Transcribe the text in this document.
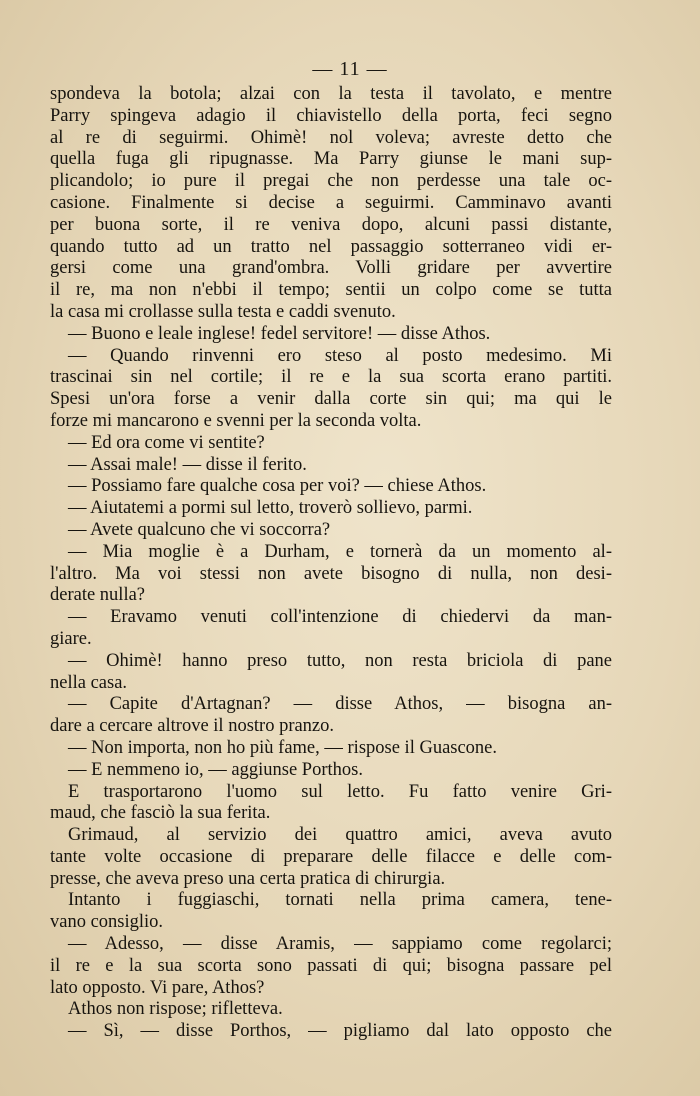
— 11 —
spondeva la botola; alzai con la testa il tavolato, e mentre
Parry spingeva adagio il chiavistello della porta, feci segno
al re di seguirmi. Ohimè! nol voleva; avreste detto che
quella fuga gli ripugnasse. Ma Parry giunse le mani sup-
plicandolo; io pure il pregai che non perdesse una tale oc-
casione. Finalmente si decise a seguirmi. Camminavo avanti
per buona sorte, il re veniva dopo, alcuni passi distante,
quando tutto ad un tratto nel passaggio sotterraneo vidi er-
gersi come una grand'ombra. Volli gridare per avvertire
il re, ma non n'ebbi il tempo; sentii un colpo come se tutta
la casa mi crollasse sulla testa e caddi svenuto.
— Buono e leale inglese! fedel servitore! — disse Athos.
— Quando rinvenni ero steso al posto medesimo. Mi
trascinai sin nel cortile; il re e la sua scorta erano partiti.
Spesi un'ora forse a venir dalla corte sin qui; ma qui le
forze mi mancarono e svenni per la seconda volta.
— Ed ora come vi sentite?
— Assai male! — disse il ferito.
— Possiamo fare qualche cosa per voi? — chiese Athos.
— Aiutatemi a pormi sul letto, troverò sollievo, parmi.
— Avete qualcuno che vi soccorra?
— Mia moglie è a Durham, e tornerà da un momento al-
l'altro. Ma voi stessi non avete bisogno di nulla, non desi-
derate nulla?
— Eravamo venuti coll'intenzione di chiedervi da man-
giare.
— Ohimè! hanno preso tutto, non resta briciola di pane
nella casa.
— Capite d'Artagnan? — disse Athos, — bisogna an-
dare a cercare altrove il nostro pranzo.
— Non importa, non ho più fame, — rispose il Guascone.
— E nemmeno io, — aggiunse Porthos.
E trasportarono l'uomo sul letto. Fu fatto venire Gri-
maud, che fasciò la sua ferita.
Grimaud, al servizio dei quattro amici, aveva avuto
tante volte occasione di preparare delle filacce e delle com-
presse, che aveva preso una certa pratica di chirurgia.
Intanto i fuggiaschi, tornati nella prima camera, tene-
vano consiglio.
— Adesso, — disse Aramis, — sappiamo come regolarci;
il re e la sua scorta sono passati di qui; bisogna passare pel
lato opposto. Vi pare, Athos?
Athos non rispose; rifletteva.
— Sì, — disse Porthos, — pigliamo dal lato opposto che
